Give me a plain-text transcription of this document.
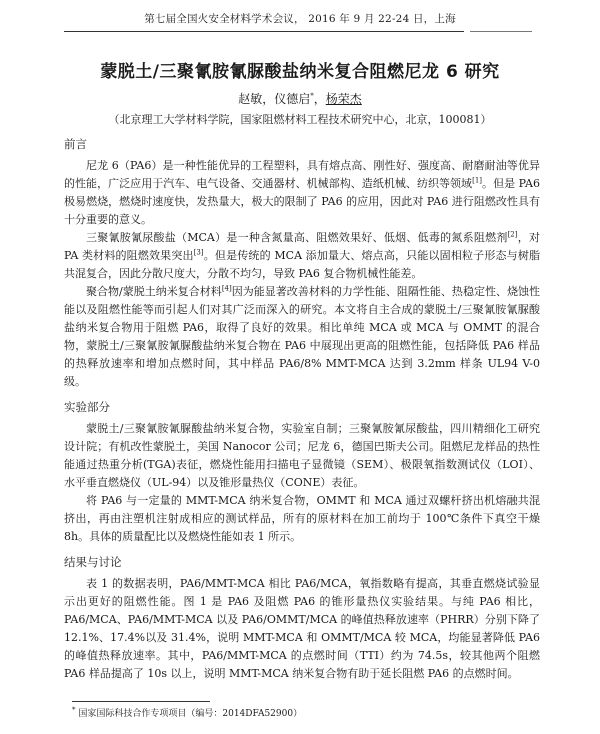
第七届全国火安全材料学术会议， 2016 年 9 月 22-24 日，上海
蒙脱土/三聚氰胺氰脲酸盐纳米复合阻燃尼龙 6 研究
赵敏，仪德启*，杨荣杰
（北京理工大学材料学院，国家阻燃材料工程技术研究中心，北京，100081）
前言
尼龙 6（PA6）是一种性能优异的工程塑料，具有熔点高、刚性好、强度高、耐磨耐油等优异的性能，广泛应用于汽车、电气设备、交通器材、机械部构、造纸机械、纺织等领域[1]。但是 PA6 极易燃烧，燃烧时速度快，发热量大，极大的限制了 PA6 的应用，因此对 PA6 进行阻燃改性具有十分重要的意义。
三聚氰胺氰尿酸盐（MCA）是一种含氮量高、阻燃效果好、低烟、低毒的氮系阻燃剂[2]，对 PA 类材料的阻燃效果突出[3]。但是传统的 MCA 添加量大、熔点高，只能以固相粒子形态与树脂共混复合，因此分散尺度大，分散不均匀，导致 PA6 复合物机械性能差。
聚合物/蒙脱土纳米复合材料[4]因为能显著改善材料的力学性能、阻隔性能、热稳定性、烧蚀性能以及阻燃性能等而引起人们对其广泛而深入的研究。本文将自主合成的蒙脱土/三聚氰胺氰脲酸盐纳米复合物用于阻燃 PA6，取得了良好的效果。相比单纯 MCA 或 MCA 与 OMMT 的混合物，蒙脱土/三聚氰胺氰脲酸盐纳米复合物在 PA6 中展现出更高的阻燃性能，包括降低 PA6 样品的热释放速率和增加点燃时间，其中样品 PA6/8% MMT-MCA 达到 3.2mm 样条 UL94 V-0 级。
实验部分
蒙脱土/三聚氰胺氰脲酸盐纳米复合物，实验室自制；三聚氰胺氰尿酸盐，四川精细化工研究设计院；有机改性蒙脱土，美国 Nanocor 公司；尼龙 6，德国巴斯夫公司。阻燃尼龙样品的热性能通过热重分析(TGA)表征，燃烧性能用扫描电子显微镜（SEM）、极限氧指数测试仪（LOI）、水平垂直燃烧仪（UL-94）以及锥形量热仪（CONE）表征。
将 PA6 与一定量的 MMT-MCA 纳米复合物，OMMT 和 MCA 通过双螺杆挤出机熔融共混挤出，再由注塑机注射成相应的测试样品，所有的原材料在加工前均于 100℃条件下真空干燥 8h。具体的质量配比以及燃烧性能如表 1 所示。
结果与讨论
表 1 的数据表明，PA6/MMT-MCA 相比 PA6/MCA，氧指数略有提高，其垂直燃烧试验显示出更好的阻燃性能。图 1 是 PA6 及阻燃 PA6 的锥形量热仪实验结果。与纯 PA6 相比，PA6/MCA、PA6/MMT-MCA 以及 PA6/OMMT/MCA 的峰值热释放速率（PHRR）分别下降了 12.1%、17.4%以及 31.4%，说明 MMT-MCA 和 OMMT/MCA 较 MCA，均能显著降低 PA6 的峰值热释放速率。其中，PA6/MMT-MCA 的点燃时间（TTI）约为 74.5s，较其他两个阻燃 PA6 样品提高了 10s 以上，说明 MMT-MCA 纳米复合物有助于延长阻燃 PA6 的点燃时间。
* 国家国际科技合作专项项目（编号：2014DFA52900）
